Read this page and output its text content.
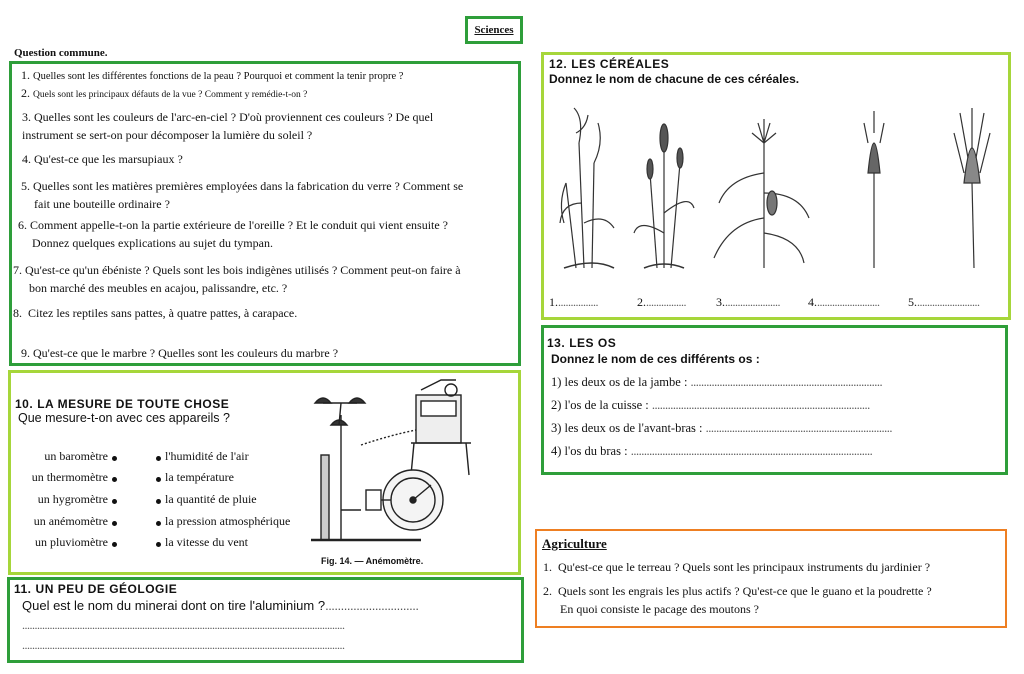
Sciences
Question commune.
1. Quelles sont les différentes fonctions de la peau ? Pourquoi et comment la tenir propre ?
2. Quels sont les principaux défauts de la vue ? Comment y remédie-t-on ?
3. Quelles sont les couleurs de l'arc-en-ciel ? D'où proviennent ces couleurs ? De quel
instrument se sert-on pour décomposer la lumière du soleil ?
4. Qu'est-ce que les marsupiaux ?
5. Quelles sont les matières premières employées dans la fabrication du verre ? Comment se
fait une bouteille ordinaire ?
6. Comment appelle-t-on la partie extérieure de l'oreille ? Et le conduit qui vient ensuite ?
Donnez quelques explications au sujet du tympan.
7. Qu'est-ce qu'un ébéniste ? Quels sont les bois indigènes utilisés ? Comment peut-on faire à
bon marché des meubles en acajou, palissandre, etc. ?
8. Citez les reptiles sans pattes, à quatre pattes, à carapace.
9. Qu'est-ce que le marbre ? Quelles sont les couleurs du marbre ?
10. LA MESURE DE TOUTE CHOSE
Que mesure-t-on avec ces appareils ?
un baromètre
un thermomètre
un hygromètre
un anémomètre
un pluviomètre
l'humidité de l'air
la température
la quantité de pluie
la pression atmosphérique
la vitesse du vent
Fig. 14. — Anémomètre.
11. UN PEU DE GÉOLOGIE
Quel est le nom du minerai dont on tire l'aluminium ?..............................
.................................................................................................................................
.................................................................................................................................
12. LES CÉRÉALES
Donnez le nom de chacune de ces céréales.
1.................	2.................	3....................... 4.......................... 5..........................
13. LES OS
Donnez le nom de ces différents os :
1) les deux os de la jambe : .........................................................................
2) l'os de la cuisse : ...................................................................................
3) les deux os de l'avant-bras : .......................................................................
4) l'os du bras : ............................................................................................
Agriculture
1. Qu'est-ce que le terreau ? Quels sont les principaux instruments du jardinier ?
2. Quels sont les engrais les plus actifs ? Qu'est-ce que le guano et la poudrette ?
En quoi consiste le pacage des moutons ?
